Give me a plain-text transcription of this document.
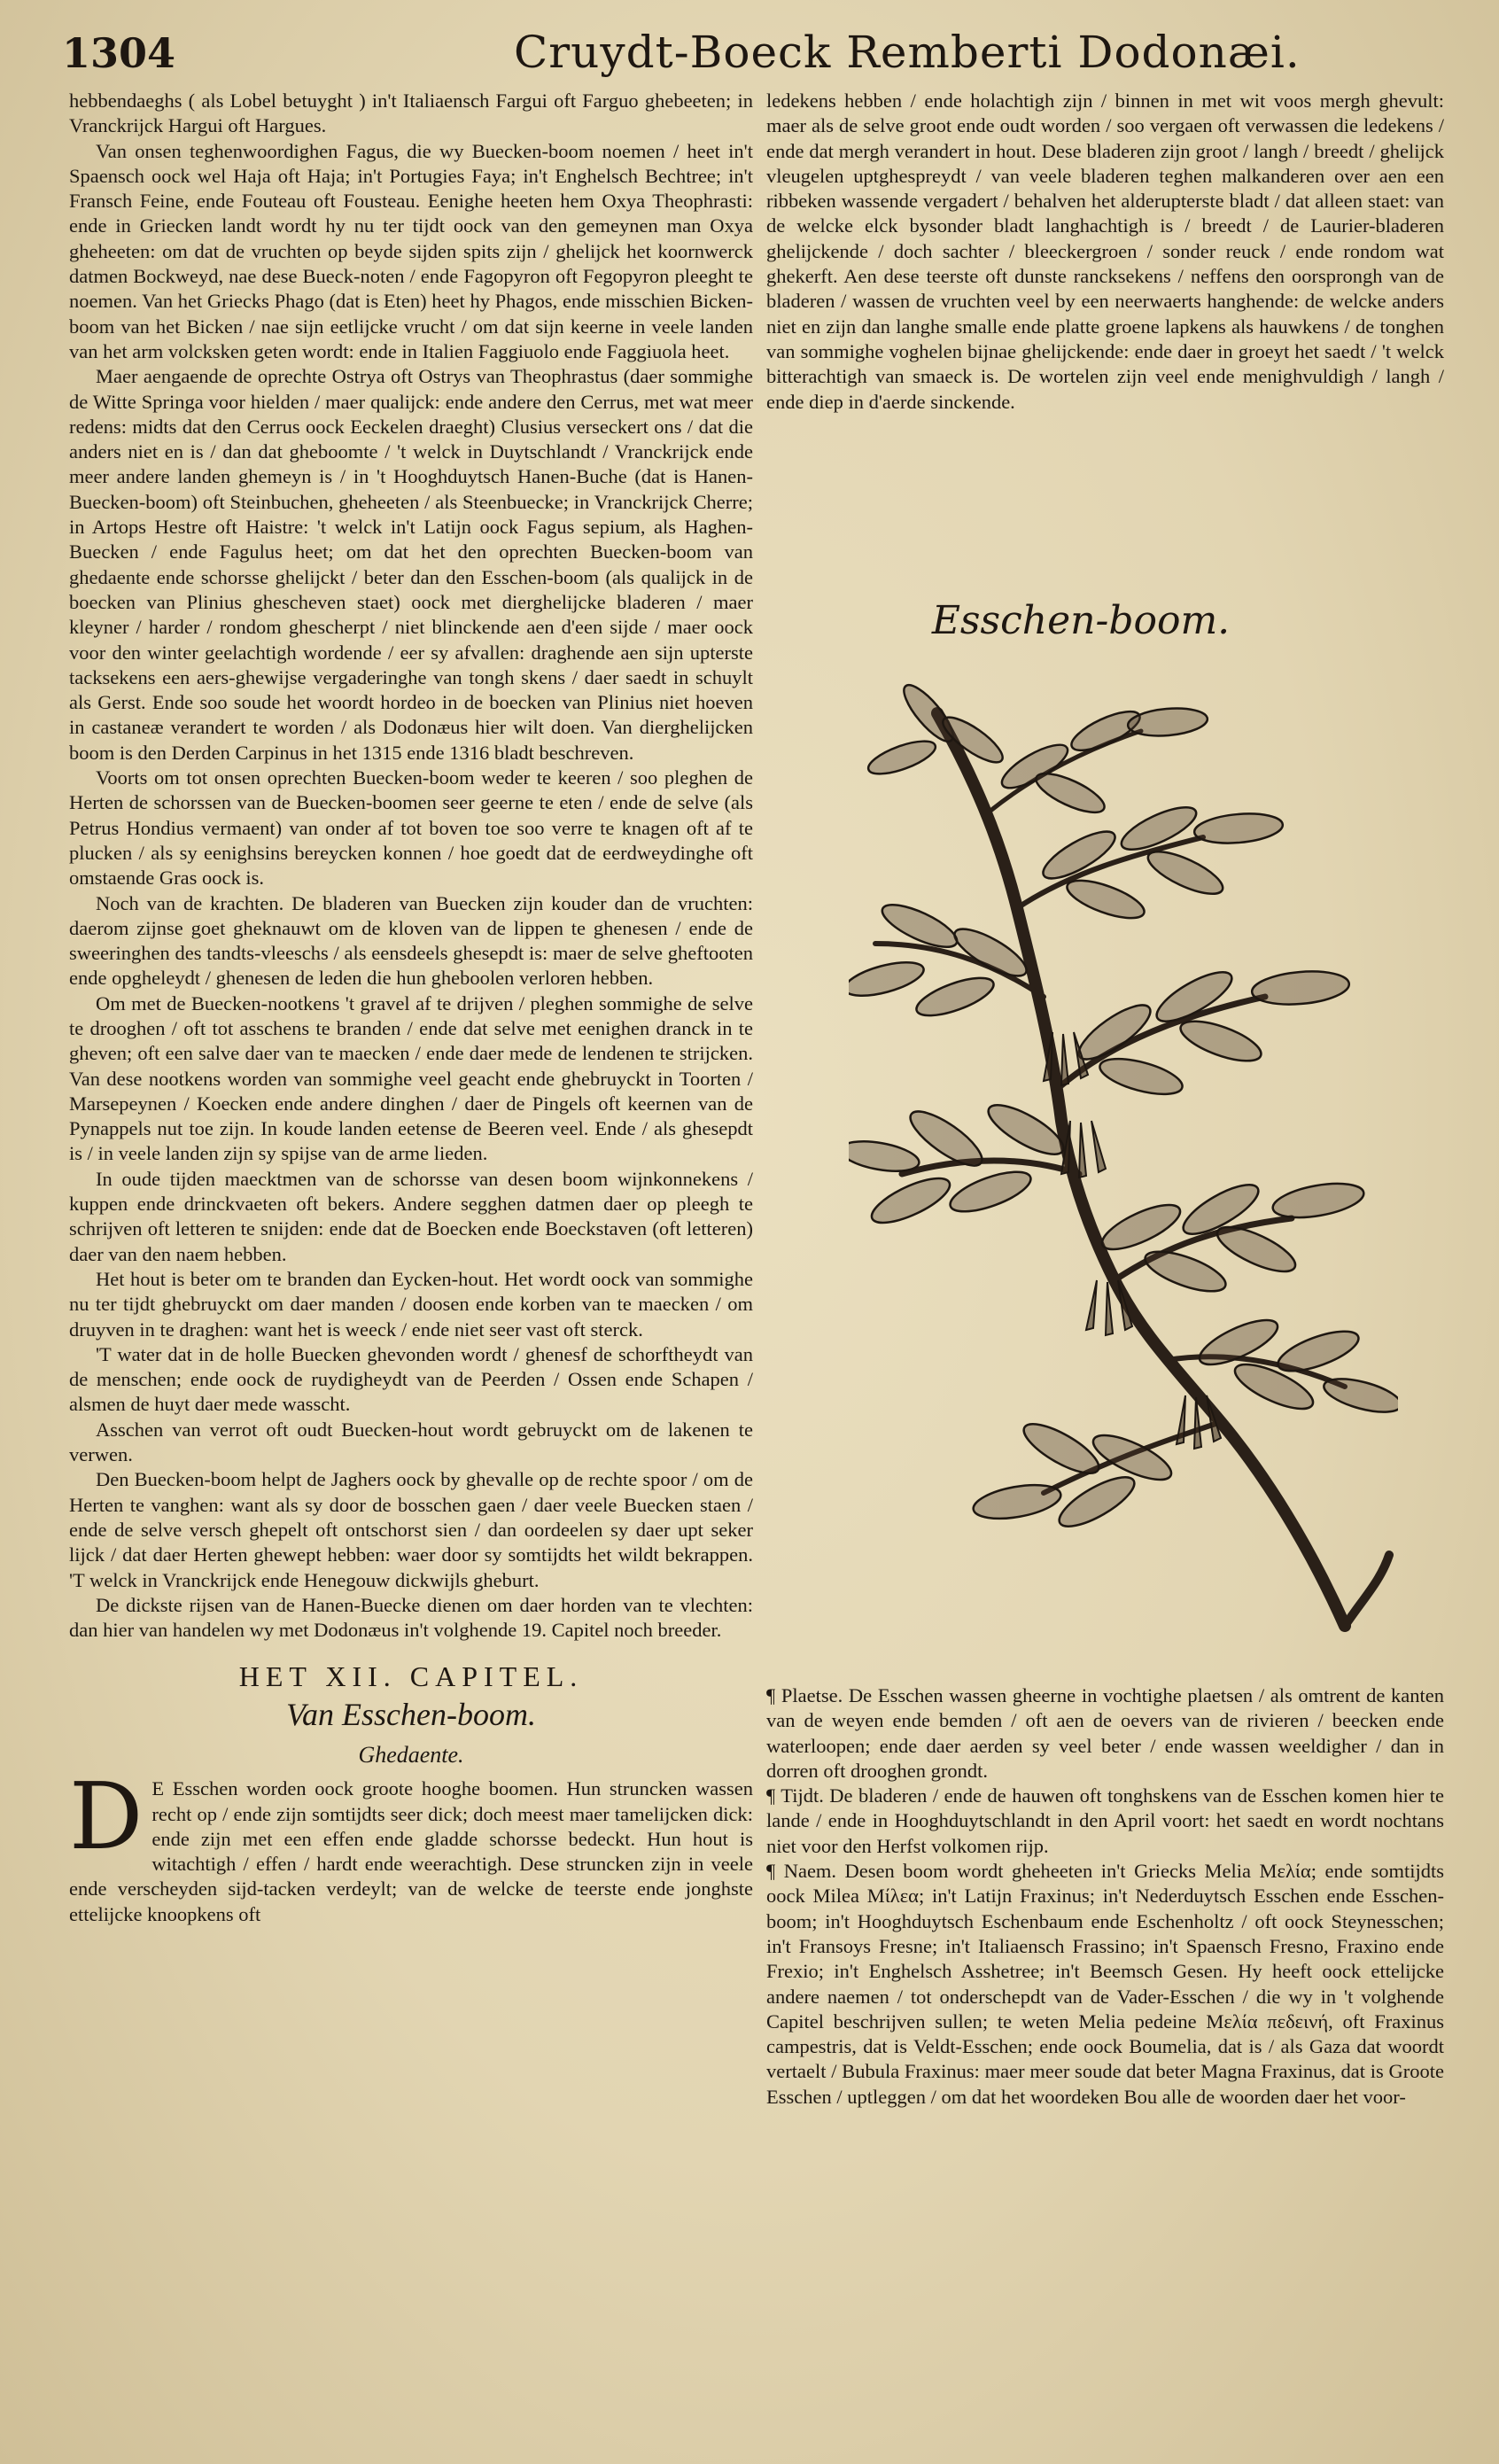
1304	Cruydt-Boeck Remberti Dodonæi.

hebbendaeghs ( als Lobel betuyght ) in't Italiaensch Fargui oft Farguo ghebeeten; in Vranckrijck Hargui oft Hargues.

Van onsen teghenwoordighen Fagus, die wy Buecken-boom noemen / heet in't Spaensch oock wel Haja oft Haja; in't Portugies Faya; in't Enghelsch Bechtree; in't Fransch Feine, ende Fouteau oft Fousteau. Eenighe heeten hem Oxya Theophrasti: ende in Griecken landt wordt hy nu ter tijdt oock van den gemeynen man Oxya gheheeten: om dat de vruchten op beyde sijden spits zijn / ghelijck het koornwerck datmen Bockweyd, nae dese Bueck-noten / ende Fagopyron oft Fegopyron pleeght te noemen. Van het Griecks Phago (dat is Eten) heet hy Phagos, ende misschien Bicken-boom van het Bicken / nae sijn eetlijcke vrucht / om dat sijn keerne in veele landen van het arm volcksken geten wordt: ende in Italien Faggiuolo ende Faggiuola heet.

Maer aengaende de oprechte Ostrya oft Ostrys van Theophrastus (daer sommighe de Witte Springa voor hielden / maer qualijck: ende andere den Cerrus, met wat meer redens: midts dat den Cerrus oock Eeckelen draeght) Clusius verseckert ons / dat die anders niet en is / dan dat gheboomte / 't welck in Duytschlandt / Vranckrijck ende meer andere landen ghemeyn is / in 't Hooghduytsch Hanen-Buche (dat is Hanen-Buecken-boom) oft Steinbuchen, gheheeten / als Steenbuecke; in Vranckrijck Cherre; in Artops Hestre oft Haistre: 't welck in't Latijn oock Fagus sepium, als Haghen-Buecken / ende Fagulus heet; om dat het den oprechten Buecken-boom van ghedaente ende schorsse ghelijckt / beter dan den Esschen-boom (als qualijck in de boecken van Plinius ghescheven staet) oock met dierghelijcke bladeren / maer kleyner / harder / rondom ghescherpt / niet blinckende aen d'een sijde / maer oock voor den winter geelachtigh wordende / eer sy afvallen: draghende aen sijn upterste tacksekens een aers-ghewijse vergaderinghe van tongh skens / daer saedt in schuylt als Gerst. Ende soo soude het woordt hordeo in de boecken van Plinius niet hoeven in castaneæ verandert te worden / als Dodonæus hier wilt doen. Van dierghelijcken boom is den Derden Carpinus in het 1315 ende 1316 bladt beschreven.

Voorts om tot onsen oprechten Buecken-boom weder te keeren / soo pleghen de Herten de schorssen van de Buecken-boomen seer geerne te eten / ende de selve (als Petrus Hondius vermaent) van onder af tot boven toe soo verre te knagen oft af te plucken / als sy eenighsins bereycken konnen / hoe goedt dat de eerdweydinghe oft omstaende Gras oock is.

Noch van de krachten. De bladeren van Buecken zijn kouder dan de vruchten: daerom zijnse goet gheknauwt om de kloven van de lippen te ghenesen / ende de sweeringhen des tandts-vleeschs / als eensdeels ghesepdt is: maer de selve gheftooten ende opgheleydt / ghenesen de leden die hun gheboolen verloren hebben.

Om met de Buecken-nootkens 't gravel af te drijven / pleghen sommighe de selve te drooghen / oft tot asschens te branden / ende dat selve met eenighen dranck in te gheven; oft een salve daer van te maecken / ende daer mede de lendenen te strijcken. Van dese nootkens worden van sommighe veel geacht ende ghebruyckt in Toorten / Marsepeynen / Koecken ende andere dinghen / daer de Pingels oft keernen van de Pynappels nut toe zijn. In koude landen eetense de Beeren veel. Ende / als ghesepdt is / in veele landen zijn sy spijse van de arme lieden.

In oude tijden maecktmen van de schorsse van desen boom wijnkonnekens / kuppen ende drinckvaeten oft bekers. Andere segghen datmen daer op pleegh te schrijven oft letteren te snijden: ende dat de Boecken ende Boeckstaven (oft letteren) daer van den naem hebben.

Het hout is beter om te branden dan Eycken-hout. Het wordt oock van sommighe nu ter tijdt ghebruyckt om daer manden / doosen ende korben van te maecken / om druyven in te draghen: want het is weeck / ende niet seer vast oft sterck.

'T water dat in de holle Buecken ghevonden wordt / ghenesf de schorftheydt van de menschen; ende oock de ruydigheydt van de Peerden / Ossen ende Schapen / alsmen de huyt daer mede wasscht.

Asschen van verrot oft oudt Buecken-hout wordt gebruyckt om de lakenen te verwen.

Den Buecken-boom helpt de Jaghers oock by ghevalle op de rechte spoor / om de Herten te vanghen: want als sy door de bosschen gaen / daer veele Buecken staen / ende de selve versch ghepelt oft ontschorst sien / dan oordeelen sy daer upt seker lijck / dat daer Herten ghewept hebben: waer door sy somtijdts het wildt bekrappen. 'T welck in Vranckrijck ende Henegouw dickwijls gheburt.

De dickste rijsen van de Hanen-Buecke dienen om daer horden van te vlechten: dan hier van handelen wy met Dodonæus in't volghende 19. Capitel noch breeder.

HET XII. CAPITEL.
Van Esschen-boom.
Ghedaente.

D E Esschen worden oock groote hooghe boomen. Hun struncken wassen recht op / ende zijn somtijdts seer dick; doch meest maer tamelijcken dick: ende zijn met een effen ende gladde schorsse bedeckt. Hun hout is witachtigh / effen / hardt ende weerachtigh. Dese struncken zijn in veele ende verscheyden sijd-tacken verdeylt; van de welcke de teerste ende jonghste ettelijcke knoopkens oft

ledekens hebben / ende holachtigh zijn / binnen in met wit voos mergh ghevult: maer als de selve groot ende oudt worden / soo vergaen oft verwassen die ledekens / ende dat mergh verandert in hout. Dese bladeren zijn groot / langh / breedt / ghelijck vleugelen uptghespreydt / van veele bladeren teghen malkanderen over aen een ribbeken wassende vergadert / behalven het alderupterste bladt / dat alleen staet: van de welcke elck bysonder bladt langhachtigh is / breedt / de Laurier-bladeren ghelijckende / doch sachter / bleeckergroen / sonder reuck / ende rondom wat ghekerft. Aen dese teerste oft dunste rancksekens / neffens den oorsprongh van de bladeren / wassen de vruchten veel by een neerwaerts hanghende: de welcke anders niet en zijn dan langhe smalle ende platte groene lapkens als hauwkens / de tonghen van sommighe voghelen bijnae ghelijckende: ende daer in groeyt het saedt / 't welck bitterachtigh van smaeck is. De wortelen zijn veel ende menighvuldigh / langh / ende diep in d'aerde sinckende.

Esschen-boom.

¶ Plaetse. De Esschen wassen gheerne in vochtighe plaetsen / als omtrent de kanten van de weyen ende bemden / oft aen de oevers van de rivieren / beecken ende waterloopen; ende daer aerden sy veel beter / ende wassen weeldigher / dan in dorren oft drooghen grondt.

¶ Tijdt. De bladeren / ende de hauwen oft tonghskens van de Esschen komen hier te lande / ende in Hooghduytschlandt in den April voort: het saedt en wordt nochtans niet voor den Herfst volkomen rijp.

¶ Naem. Desen boom wordt gheheeten in't Griecks Melia Μελία; ende somtijdts oock Milea Μίλεα; in't Latijn Fraxinus; in't Nederduytsch Esschen ende Esschen-boom; in't Hooghduytsch Eschenbaum ende Eschenholtz / oft oock Steynesschen; in't Fransoys Fresne; in't Italiaensch Frassino; in't Spaensch Fresno, Fraxino ende Frexio; in't Enghelsch Asshetree; in't Beemsch Gesen. Hy heeft oock ettelijcke andere naemen / tot onderschepdt van de Vader-Esschen / die wy in 't volghende Capitel beschrijven sullen; te weten Melia pedeine Μελία πεδεινή, oft Fraxinus campestris, dat is Veldt-Esschen; ende oock Boumelia, dat is / als Gaza dat woordt vertaelt / Bubula Fraxinus: maer meer soude dat beter Magna Fraxinus, dat is Groote Esschen / uptleggen / om dat het woordeken Bou alle de woorden daer het voor-
